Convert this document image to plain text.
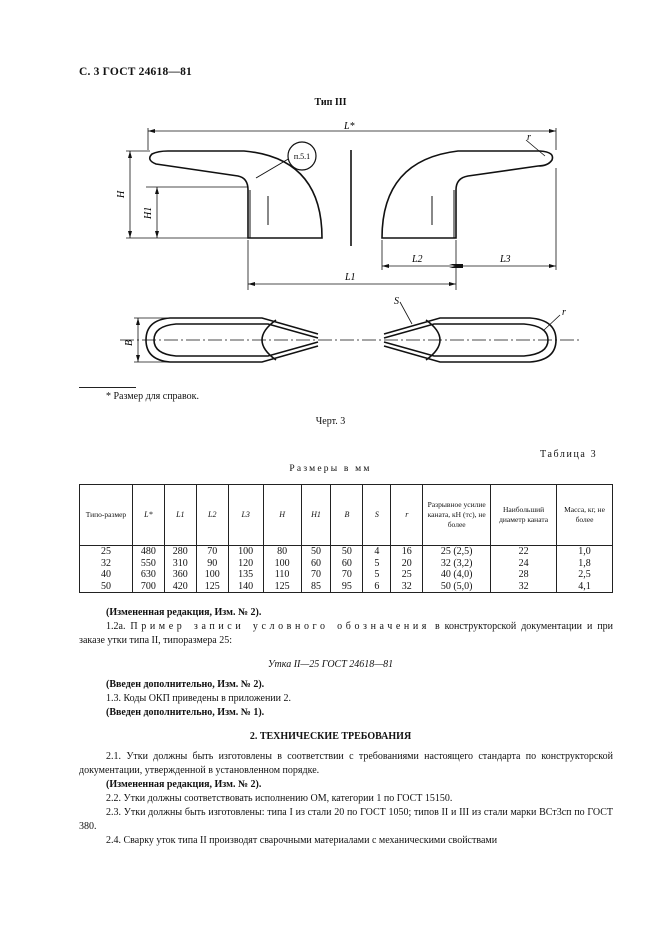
С. 3 ГОСТ 24618—81
Тип III
п.5.1
L*
r
H
H1
L1
L2	L3
B
S
r
* Размер для справок.
Черт. 3
Таблица 3
Размеры в мм
Типо-размер	L*	L1	L2	L3	H	H1	B	S	r	Разрывное усилие каната, кН (тс), не более	Наибольший диаметр каната	Масса, кг, не более
25	480	280	70	100	80	50	50	4	16	25 (2,5)	22	1,0
32	550	310	90	120	100	60	60	5	20	32 (3,2)	24	1,8
40	630	360	100	135	110	70	70	5	25	40 (4,0)	28	2,5
50	700	420	125	140	125	85	95	6	32	50 (5,0)	32	4,1
(Измененная редакция, Изм. № 2).
1.2а. Пример записи условного обозначения в конструкторской документации и при заказе утки типа II, типоразмера 25:
Утка II—25 ГОСТ 24618—81
(Введен дополнительно, Изм. № 2).
1.3. Коды ОКП приведены в приложении 2.
(Введен дополнительно, Изм. № 1).
2. ТЕХНИЧЕСКИЕ ТРЕБОВАНИЯ
2.1. Утки должны быть изготовлены в соответствии с требованиями настоящего стандарта по конструкторской документации, утвержденной в установленном порядке.
(Измененная редакция, Изм. № 2).
2.2. Утки должны соответствовать исполнению ОМ, категории 1 по ГОСТ 15150.
2.3. Утки должны быть изготовлены: типа I из стали 20 по ГОСТ 1050; типов II и III из стали марки ВСт3сп по ГОСТ 380.
2.4. Сварку уток типа II производят сварочными материалами с механическими свойствами
